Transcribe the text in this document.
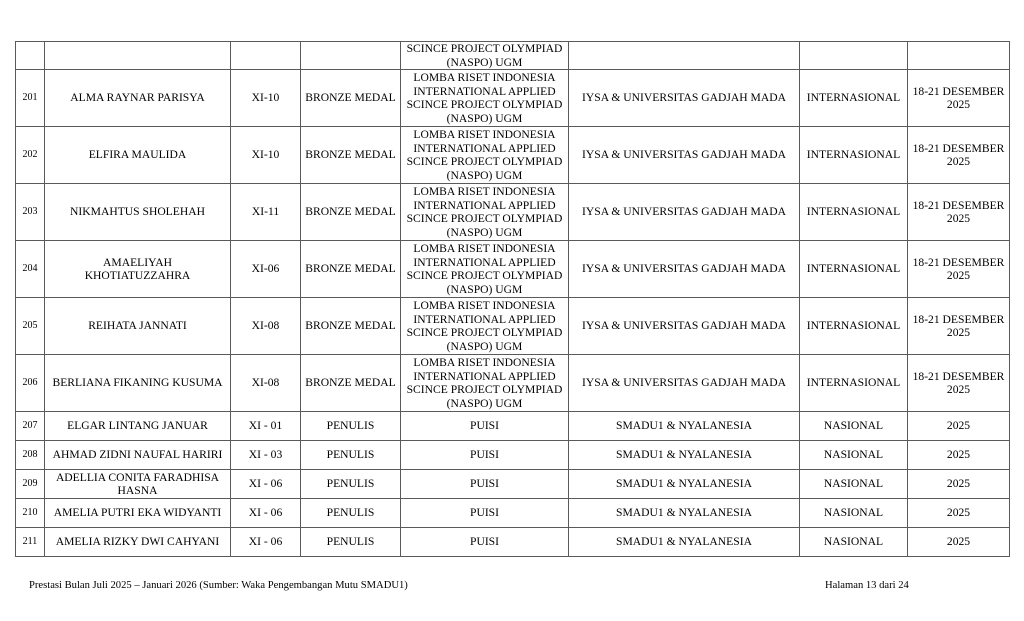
				SCINCE PROJECT OLYMPIAD
(NASPO) UGM			
201	ALMA RAYNAR PARISYA	XI-10	BRONZE MEDAL	LOMBA RISET INDONESIA
INTERNATIONAL APPLIED
SCINCE PROJECT OLYMPIAD
(NASPO) UGM	IYSA & UNIVERSITAS GADJAH MADA	INTERNASIONAL	18-21 DESEMBER
2025
202	ELFIRA MAULIDA	XI-10	BRONZE MEDAL	LOMBA RISET INDONESIA
INTERNATIONAL APPLIED
SCINCE PROJECT OLYMPIAD
(NASPO) UGM	IYSA & UNIVERSITAS GADJAH MADA	INTERNASIONAL	18-21 DESEMBER
2025
203	NIKMAHTUS SHOLEHAH	XI-11	BRONZE MEDAL	LOMBA RISET INDONESIA
INTERNATIONAL APPLIED
SCINCE PROJECT OLYMPIAD
(NASPO) UGM	IYSA & UNIVERSITAS GADJAH MADA	INTERNASIONAL	18-21 DESEMBER
2025
204	AMAELIYAH
KHOTIATUZZAHRA	XI-06	BRONZE MEDAL	LOMBA RISET INDONESIA
INTERNATIONAL APPLIED
SCINCE PROJECT OLYMPIAD
(NASPO) UGM	IYSA & UNIVERSITAS GADJAH MADA	INTERNASIONAL	18-21 DESEMBER
2025
205	REIHATA JANNATI	XI-08	BRONZE MEDAL	LOMBA RISET INDONESIA
INTERNATIONAL APPLIED
SCINCE PROJECT OLYMPIAD
(NASPO) UGM	IYSA & UNIVERSITAS GADJAH MADA	INTERNASIONAL	18-21 DESEMBER
2025
206	BERLIANA FIKANING KUSUMA	XI-08	BRONZE MEDAL	LOMBA RISET INDONESIA
INTERNATIONAL APPLIED
SCINCE PROJECT OLYMPIAD
(NASPO) UGM	IYSA & UNIVERSITAS GADJAH MADA	INTERNASIONAL	18-21 DESEMBER
2025
207	ELGAR LINTANG JANUAR	XI - 01	PENULIS	PUISI	SMADU1 & NYALANESIA	NASIONAL	2025
208	AHMAD ZIDNI NAUFAL HARIRI	XI - 03	PENULIS	PUISI	SMADU1 & NYALANESIA	NASIONAL	2025
209	ADELLIA CONITA FARADHISA
HASNA	XI - 06	PENULIS	PUISI	SMADU1 & NYALANESIA	NASIONAL	2025
210	AMELIA PUTRI EKA WIDYANTI	XI - 06	PENULIS	PUISI	SMADU1 & NYALANESIA	NASIONAL	2025
211	AMELIA RIZKY DWI CAHYANI	XI - 06	PENULIS	PUISI	SMADU1 & NYALANESIA	NASIONAL	2025
Prestasi Bulan Juli 2025 – Januari 2026 (Sumber: Waka Pengembangan Mutu SMADU1)	Halaman 13 dari 24
